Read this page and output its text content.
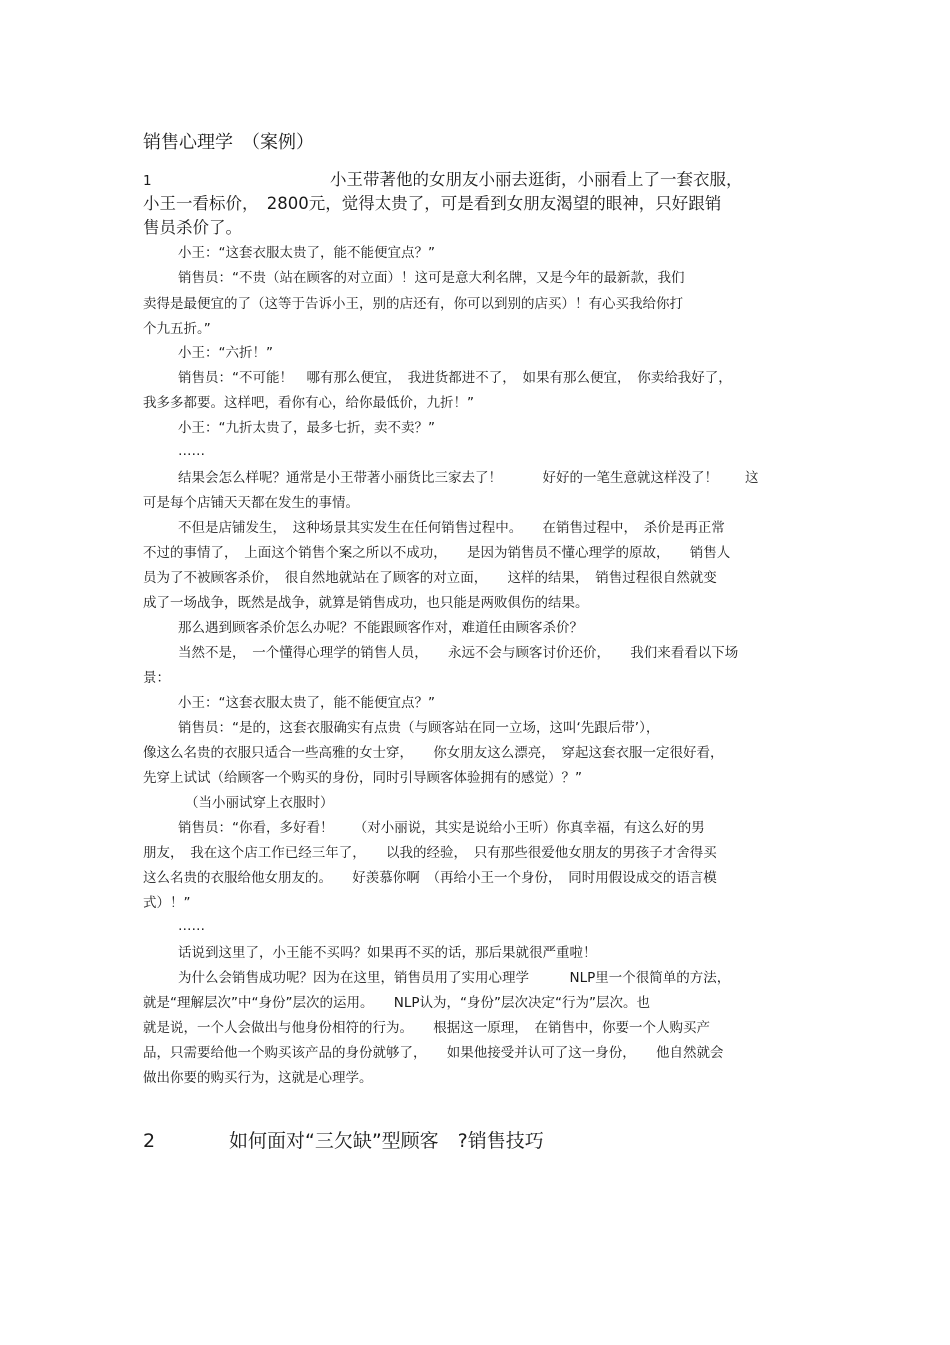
销售心理学　（案例）
1	小王带著他的女朋友小丽去逛街，小丽看上了一套衣服，
小王一看标价，　2800元，觉得太贵了，可是看到女朋友渴望的眼神，只好跟销
售员杀价了。
小王：“这套衣服太贵了，能不能便宜点？”
销售员：“不贵（站在顾客的对立面）！这可是意大利名牌，又是今年的最新款，我们
卖得是最便宜的了（这等于告诉小王，别的店还有，你可以到别的店买）！有心买我给你打
个九五折。”
小王：“六折！”
销售员：“不可能！　哪有那么便宜，　我进货都进不了，　如果有那么便宜，　你卖给我好了，
我多多都要。这样吧，看你有心，给你最低价，九折！”
小王：“九折太贵了，最多七折，卖不卖？”
……
结果会怎么样呢？通常是小王带著小丽货比三家去了！　　　好好的一笔生意就这样没了！　　这
可是每个店铺天天都在发生的事情。
不但是店铺发生，　这种场景其实发生在任何销售过程中。　　在销售过程中，　杀价是再正常
不过的事情了，　上面这个销售个案之所以不成功，　　是因为销售员不懂心理学的原故，　　销售人
员为了不被顾客杀价，　很自然地就站在了顾客的对立面，　　这样的结果，　销售过程很自然就变
成了一场战争，既然是战争，就算是销售成功，也只能是两败俱伤的结果。
那么遇到顾客杀价怎么办呢？不能跟顾客作对，难道任由顾客杀价？
当然不是，　一个懂得心理学的销售人员，　　永远不会与顾客讨价还价，　　我们来看看以下场
景：
小王：“这套衣服太贵了，能不能便宜点？”
销售员：“是的，这套衣服确实有点贵（与顾客站在同一立场，这叫‘先跟后带’），
像这么名贵的衣服只适合一些高雅的女士穿，　　你女朋友这么漂亮，　穿起这套衣服一定很好看，
先穿上试试（给顾客一个购买的身份，同时引导顾客体验拥有的感觉）？”
（当小丽试穿上衣服时）
销售员：“你看，多好看！　　（对小丽说，其实是说给小王听）你真幸福，有这么好的男
朋友，　我在这个店工作已经三年了，　　以我的经验，　只有那些很爱他女朋友的男孩子才舍得买
这么名贵的衣服给他女朋友的。　　好羡慕你啊　（再给小王一个身份，　同时用假设成交的语言模
式）！”
……
话说到这里了，小王能不买吗？如果再不买的话，那后果就很严重啦！
为什么会销售成功呢？因为在这里，销售员用了实用心理学　　　NLP里一个很简单的方法，
就是“理解层次”中“身份”层次的运用。　　NLP认为，“身份”层次决定“行为”层次。也
就是说，一个人会做出与他身份相符的行为。　　根据这一原理，　在销售中，你要一个人购买产
品，只需要给他一个购买该产品的身份就够了，　　如果他接受并认可了这一身份，　　他自然就会
做出你要的购买行为，这就是心理学。
2	如何面对“三欠缺”型顾客　?销售技巧
